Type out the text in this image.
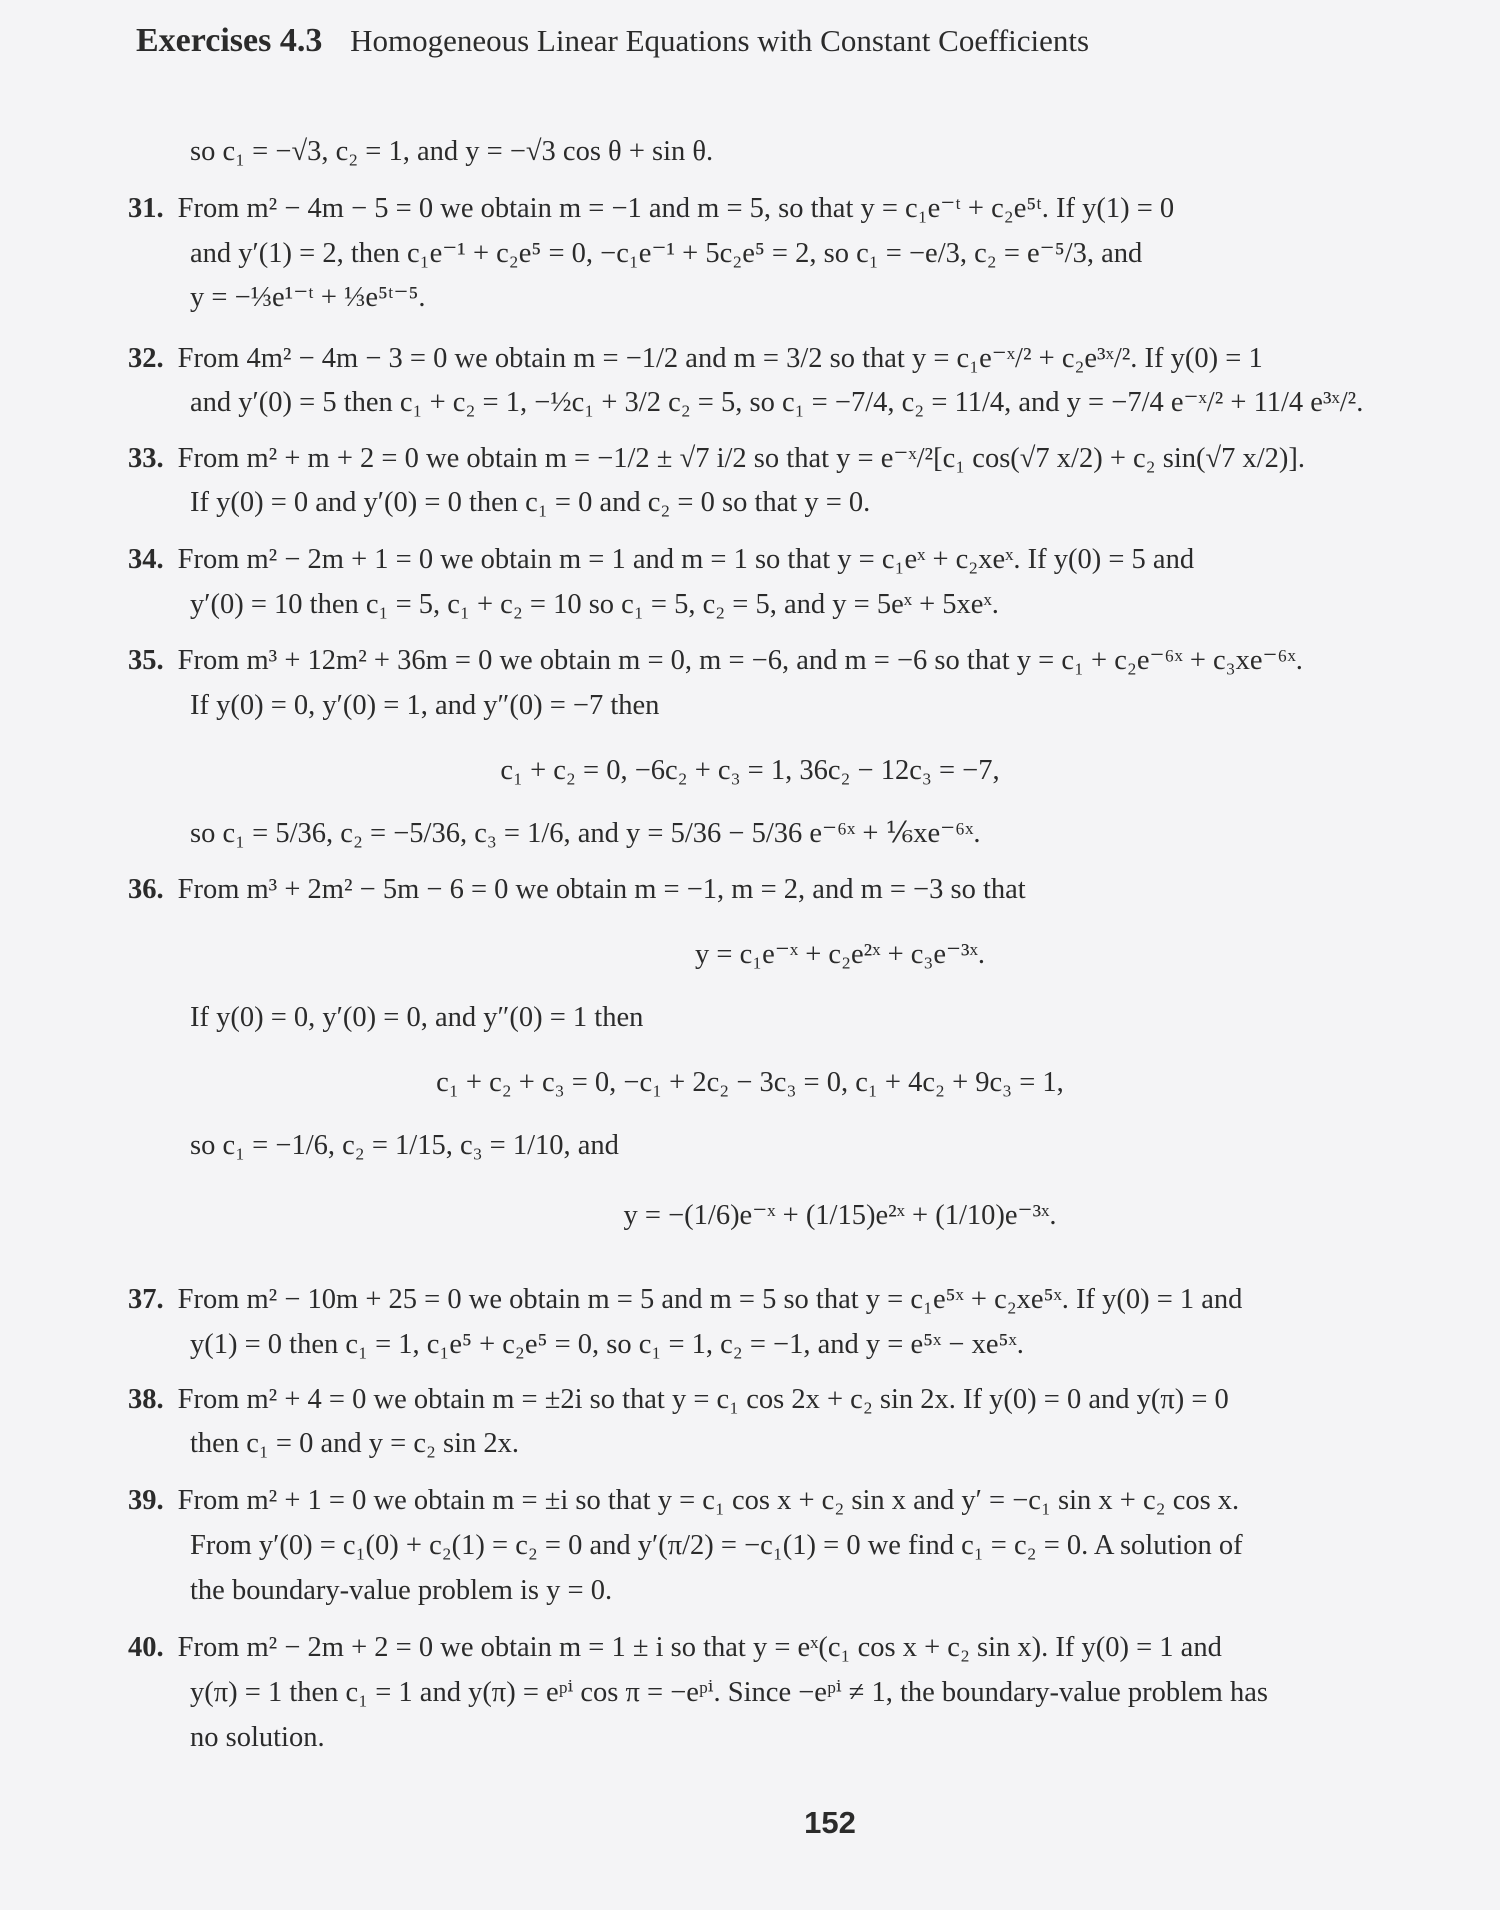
Exercises 4.3 Homogeneous Linear Equations with Constant Coefficients
so c₁ = −√3, c₂ = 1, and y = −√3 cos θ + sin θ.
31. From m² − 4m − 5 = 0 we obtain m = −1 and m = 5, so that y = c₁e⁻ᵗ + c₂e⁵ᵗ. If y(1) = 0
and y′(1) = 2, then c₁e⁻¹ + c₂e⁵ = 0, −c₁e⁻¹ + 5c₂e⁵ = 2, so c₁ = −e/3, c₂ = e⁻⁵/3, and
y = −⅓e¹⁻ᵗ + ⅓e⁵ᵗ⁻⁵.
32. From 4m² − 4m − 3 = 0 we obtain m = −1/2 and m = 3/2 so that y = c₁e⁻ˣ/² + c₂e³ˣ/². If y(0) = 1
and y′(0) = 5 then c₁ + c₂ = 1, −½c₁ + 3/2 c₂ = 5, so c₁ = −7/4, c₂ = 11/4, and y = −7/4 e⁻ˣ/² + 11/4 e³ˣ/².
33. From m² + m + 2 = 0 we obtain m = −1/2 ± √7 i/2 so that y = e⁻ˣ/²[c₁ cos(√7 x/2) + c₂ sin(√7 x/2)].
If y(0) = 0 and y′(0) = 0 then c₁ = 0 and c₂ = 0 so that y = 0.
34. From m² − 2m + 1 = 0 we obtain m = 1 and m = 1 so that y = c₁eˣ + c₂xeˣ. If y(0) = 5 and
y′(0) = 10 then c₁ = 5, c₁ + c₂ = 10 so c₁ = 5, c₂ = 5, and y = 5eˣ + 5xeˣ.
35. From m³ + 12m² + 36m = 0 we obtain m = 0, m = −6, and m = −6 so that y = c₁ + c₂e⁻⁶ˣ + c₃xe⁻⁶ˣ.
If y(0) = 0, y′(0) = 1, and y″(0) = −7 then
c₁ + c₂ = 0, −6c₂ + c₃ = 1, 36c₂ − 12c₃ = −7,
so c₁ = 5/36, c₂ = −5/36, c₃ = 1/6, and y = 5/36 − 5/36 e⁻⁶ˣ + ⅙xe⁻⁶ˣ.
36. From m³ + 2m² − 5m − 6 = 0 we obtain m = −1, m = 2, and m = −3 so that
y = c₁e⁻ˣ + c₂e²ˣ + c₃e⁻³ˣ.
If y(0) = 0, y′(0) = 0, and y″(0) = 1 then
c₁ + c₂ + c₃ = 0, −c₁ + 2c₂ − 3c₃ = 0, c₁ + 4c₂ + 9c₃ = 1,
so c₁ = −1/6, c₂ = 1/15, c₃ = 1/10, and
y = −(1/6)e⁻ˣ + (1/15)e²ˣ + (1/10)e⁻³ˣ.
37. From m² − 10m + 25 = 0 we obtain m = 5 and m = 5 so that y = c₁e⁵ˣ + c₂xe⁵ˣ. If y(0) = 1 and
y(1) = 0 then c₁ = 1, c₁e⁵ + c₂e⁵ = 0, so c₁ = 1, c₂ = −1, and y = e⁵ˣ − xe⁵ˣ.
38. From m² + 4 = 0 we obtain m = ±2i so that y = c₁ cos 2x + c₂ sin 2x. If y(0) = 0 and y(π) = 0
then c₁ = 0 and y = c₂ sin 2x.
39. From m² + 1 = 0 we obtain m = ±i so that y = c₁ cos x + c₂ sin x and y′ = −c₁ sin x + c₂ cos x.
From y′(0) = c₁(0) + c₂(1) = c₂ = 0 and y′(π/2) = −c₁(1) = 0 we find c₁ = c₂ = 0. A solution of
the boundary-value problem is y = 0.
40. From m² − 2m + 2 = 0 we obtain m = 1 ± i so that y = eˣ(c₁ cos x + c₂ sin x). If y(0) = 1 and
y(π) = 1 then c₁ = 1 and y(π) = eᵖⁱ cos π = −eᵖⁱ. Since −eᵖⁱ ≠ 1, the boundary-value problem has
no solution.
152
